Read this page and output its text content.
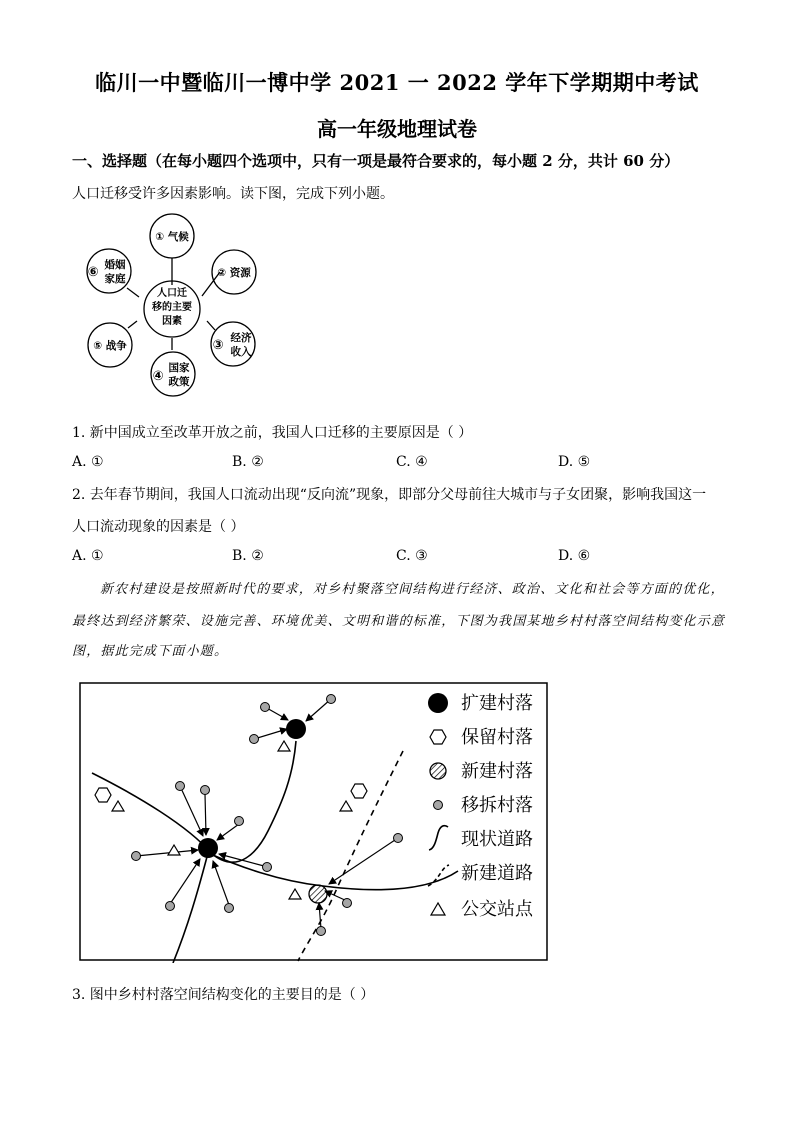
临川一中暨临川一博中学 2021 一 2022 学年下学期期中考试
高一年级地理试卷
一、选择题（在每小题四个选项中，只有一项是最符合要求的，每小题 2 分，共计 60 分）
人口迁移受许多因素影响。读下图，完成下列小题。
① 气候
② 资源
⑤ 战争
人口迁
移的主要
因素
③ 经济
收入
④
国家
政策
⑥ 婚姻
家庭
1. 新中国成立至改革开放之前，我国人口迁移的主要原因是（ ）
A. ①	B. ②	C. ④	D. ⑤
2. 去年春节期间，我国人口流动出现“反向流”现象，即部分父母前往大城市与子女团聚，影响我国这一
人口流动现象的因素是（ ）
A. ①	B. ②	C. ③	D. ⑥
新农村建设是按照新时代的要求，对乡村聚落空间结构进行经济、政治、文化和社会等方面的优化，
最终达到经济繁荣、设施完善、环境优美、文明和谐的标准，下图为我国某地乡村村落空间结构变化示意
图，据此完成下面小题。
扩建村落
保留村落
新建村落
移拆村落
现状道路
新建道路
公交站点
3. 图中乡村村落空间结构变化的主要目的是（ ）
